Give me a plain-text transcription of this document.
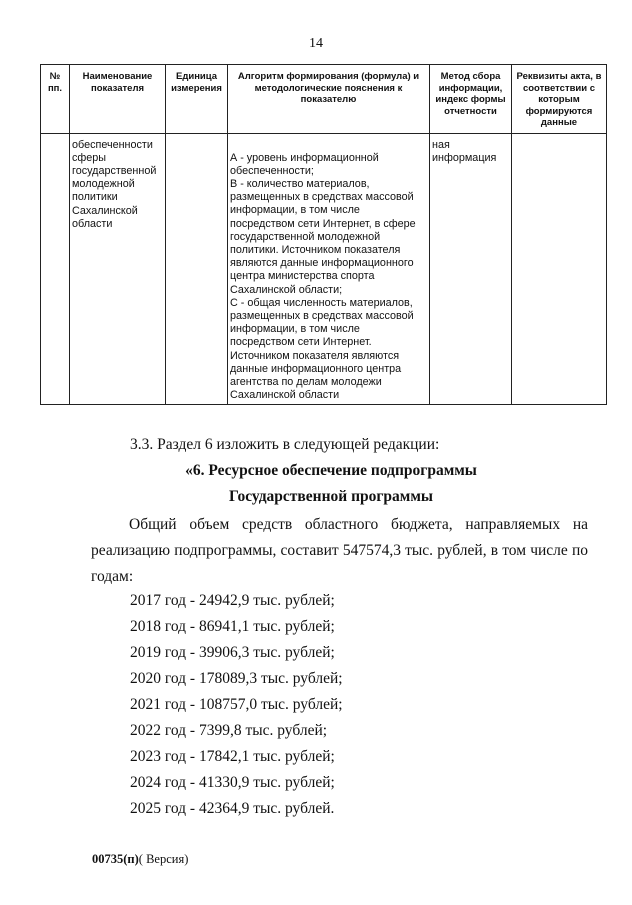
14
№ пп.	Наименование показателя	Единица измерения	Алгоритм формирования (формула) и методологические пояснения к показателю	Метод сбора информации, индекс формы отчетности	Реквизиты акта, в соответствии с которым формируются данные
	обеспеченности сферы государственной молодежной политики Сахалинской области		А - уровень информационной обеспеченности;
В - количество материалов, размещенных в средствах массовой информации, в том числе посредством сети Интернет, в сфере государственной молодежной политики. Источником показателя являются данные информационного центра министерства спорта Сахалинской области;
С - общая численность материалов, размещенных в средствах массовой информации, в том числе посредством сети Интернет. Источником показателя являются данные информационного центра агентства по делам молодежи Сахалинской области	ная информация	
3.3. Раздел 6 изложить в следующей редакции:
«6. Ресурсное обеспечение подпрограммы
Государственной программы
Общий объем средств областного бюджета, направляемых на реализацию подпрограммы, составит 547574,3 тыс. рублей, в том числе по годам:
2017 год - 24942,9 тыс. рублей;
2018 год - 86941,1 тыс. рублей;
2019 год - 39906,3 тыс. рублей;
2020 год - 178089,3 тыс. рублей;
2021 год - 108757,0 тыс. рублей;
2022 год - 7399,8 тыс. рублей;
2023 год - 17842,1 тыс. рублей;
2024 год - 41330,9 тыс. рублей;
2025 год - 42364,9 тыс. рублей.
00735(п)( Версия)
